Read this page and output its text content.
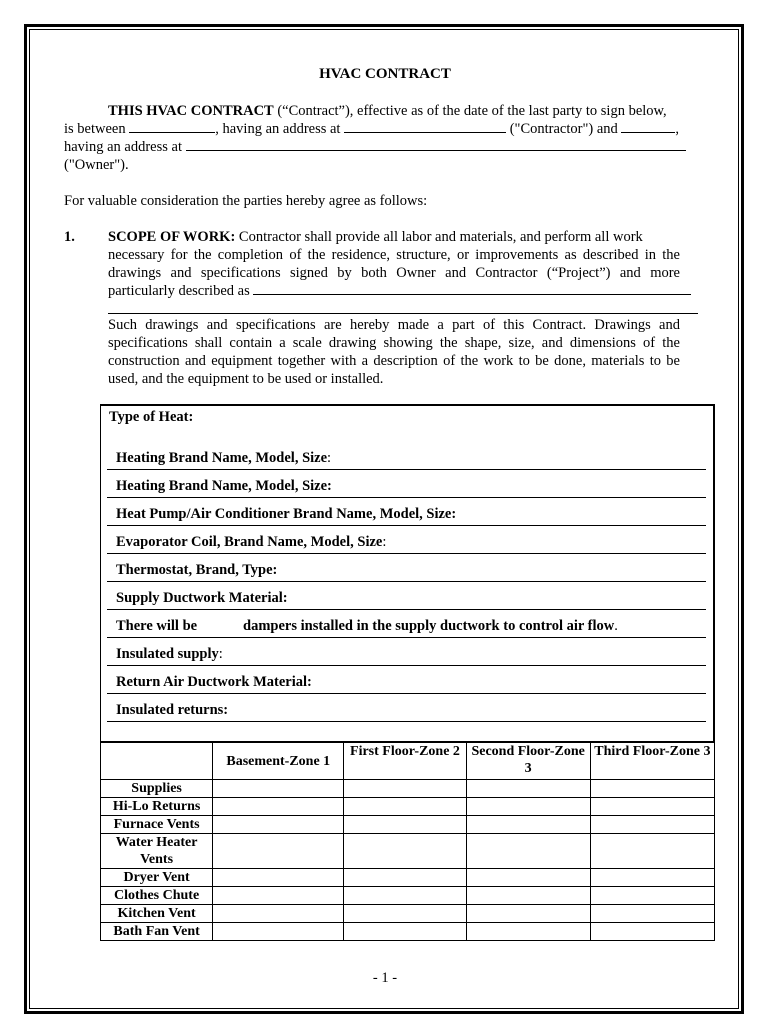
HVAC CONTRACT
THIS HVAC CONTRACT (“Contract”), effective as of the date of the last party to sign below,
is between	, having an address at	("Contractor") and	,
having an address at
("Owner").
For valuable consideration the parties hereby agree as follows:
1. SCOPE OF WORK: Contractor shall provide all labor and materials, and perform all work
necessary for the completion of the residence, structure, or improvements as described in the
drawings and specifications signed by both Owner and Contractor (“Project”) and more
particularly described as
Such drawings and specifications are hereby made a part of this Contract. Drawings and
specifications shall contain a scale drawing showing the shape, size, and dimensions of the
construction and equipment together with a description of the work to be done, materials to be
used, and the equipment to be used or installed.
Type of Heat:
Heating Brand Name, Model, Size:
Heating Brand Name, Model, Size:
Heat Pump/Air Conditioner Brand Name, Model, Size:
Evaporator Coil, Brand Name, Model, Size:
Thermostat, Brand, Type:
Supply Ductwork Material:
There will be	dampers installed in the supply ductwork to control air flow.
Insulated supply:
Return Air Ductwork Material:
Insulated returns:
	Basement-Zone 1	First Floor-Zone 2	Second Floor-Zone 3	Third Floor-Zone 3
Supplies				
Hi-Lo Returns				
Furnace Vents				
Water Heater Vents				
Dryer Vent				
Clothes Chute				
Kitchen Vent				
Bath Fan Vent				
- 1 -
